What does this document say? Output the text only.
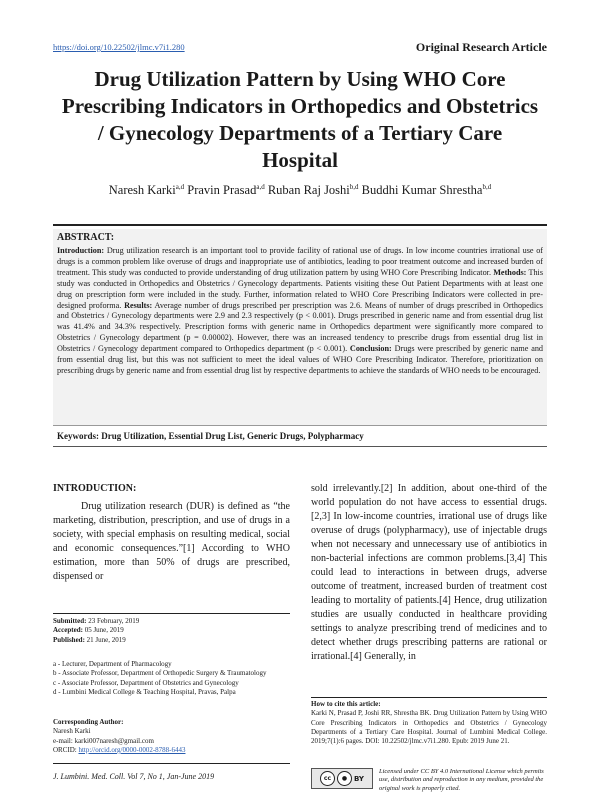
https://doi.org/10.22502/jlmc.v7i1.280	Original Research Article
Drug Utilization Pattern by Using WHO Core Prescribing Indicators in Orthopedics and Obstetrics / Gynecology Departments of a Tertiary Care Hospital
Naresh Karki$^{a,d}$ Pravin Prasad$^{a,d}$ Ruban Raj Joshi$^{b,d}$ Buddhi Kumar Shrestha$^{b,d}$
ABSTRACT:
Introduction: Drug utilization research is an important tool to provide facility of rational use of drugs. In low income countries irrational use of drugs is a common problem like overuse of drugs and inappropriate use of antibiotics, leading to poor treatment outcome and increased burden of treatment. This study was conducted to provide understanding of drug utilization pattern by using WHO Core Prescribing Indicator. Methods: This study was conducted in Orthopedics and Obstetrics / Gynecology departments. Patients visiting these Out Patient Departments with at least one drug on prescription form were included in the study. Further, information related to WHO Core Prescribing Indicators were collected in pre-designed proforma. Results: Average number of drugs prescribed per prescription was 2.6. Means of number of drugs prescribed in Orthopedics and Obstetrics / Gynecology departments were 2.9 and 2.3 respectively (p < 0.001). Drugs prescribed in generic name and from essential drug list was 41.4% and 34.3% respectively. Prescription forms with generic name in Orthopedics department were significantly more compared to Obstetrics / Gynecology department (p = 0.00002). However, there was an increased tendency to prescribe drugs from essential drug list in Obstetrics / Gynecology department compared to Orthopedics department (p < 0.001). Conclusion: Drugs were prescribed by generic name and from essential drug list, but this was not sufficient to meet the ideal values of WHO Core Prescribing Indicator. Therefore, prioritization on prescribing drugs by generic name and from essential drug list by respective departments to achieve the standards of WHO needs to be encouraged.
Keywords: Drug Utilization, Essential Drug List, Generic Drugs, Polypharmacy
INTRODUCTION:
Drug utilization research (DUR) is defined as “the marketing, distribution, prescription, and use of drugs in a society, with special emphasis on resulting medical, social and economic consequences.”[1] According to WHO estimation, more than 50% of drugs are prescribed, dispensed or
sold irrelevantly.[2] In addition, about one-third of the world population do not have access to essential drugs.[2,3] In low-income countries, irrational use of drugs like overuse of drugs (polypharmacy), use of injectable drugs when not necessary and unnecessary use of antibiotics in non-bacterial infections are common problems.[3,4] This could lead to interactions in between drugs, adverse outcome of treatment, increased burden of treatment cost leading to mortality of patients.[4] Hence, drug utilization studies are usually conducted in healthcare providing settings to analyze prescribing trend of medicines and to detect whether drugs prescribing patterns are rational or irrational.[4] Generally, in
Submitted: 23 February, 2019
Accepted: 05 June, 2019
Published: 21 June, 2019
a - Lecturer, Department of Pharmacology
b - Associate Professor, Department of Orthopedic Surgery & Traumatology
c - Associate Professor, Department of Obstetrics and Gynecology
d - Lumbini Medical College & Teaching Hospital, Pravas, Palpa
Corresponding Author:
Naresh Karki
e-mail: karki007naresh@gmail.com
ORCID: http://orcid.org/0000-0002-8788-6443
How to cite this article:
Karki N, Prasad P, Joshi RR, Shrestha BK. Drug Utilization Pattern by Using WHO Core Prescribing Indicators in Orthopedics and Obstetrics / Gynecology Departments of a Tertiary Care Hospital. Journal of Lumbini Medical College. 2019;7(1):6 pages. DOI: 10.22502/jlmc.v7i1.280. Epub: 2019 June 21.
J. Lumbini. Med. Coll. Vol 7, No 1, Jan-June 2019	cc	● BY
Licensed under CC BY 4.0 International License which permits use, distribution and reproduction in any medium, provided the original work is properly cited.
